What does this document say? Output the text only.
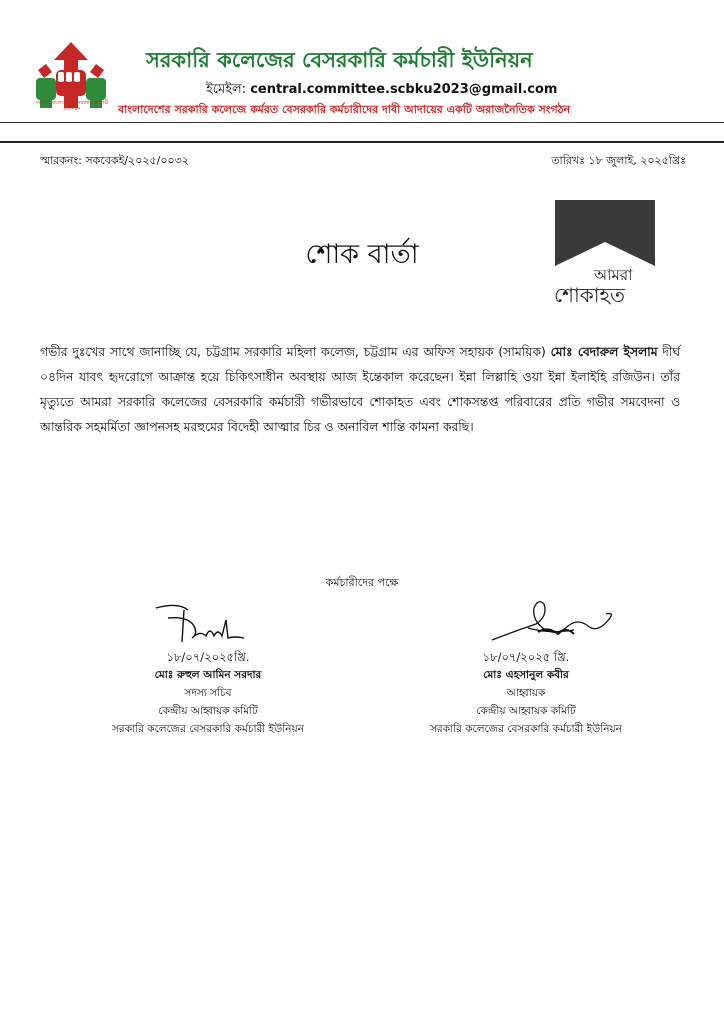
সরকারি কলেজের বেসরকারি কর্মচারী ইউনিয়ন
সরকারি কলেজের বেসরকারি কর্মচারী ইউনিয়ন
ইমেইল: central.committee.scbku2023@gmail.com
বাংলাদেশের সরকারি কলেজে কর্মরত বেসরকারি কর্মচারীদের দাবী আদায়ের একটি অরাজনৈতিক সংগঠন
স্মারকনং: সকবেকই/২০২৫/০০৩২	তারিখঃ ১৮ জুলাই, ২০২৫খ্রিঃ
শোক বার্তা
আমরা
শোকাহত
গভীর দুঃখের সাথে জানাচ্ছি যে, চট্টগ্রাম সরকারি মহিলা কলেজ, চট্টগ্রাম এর অফিস সহায়ক (সাময়িক) মোঃ বেদারুল ইসলাম দীর্ঘ ০৪দিন যাবৎ হৃদরোগে আক্রান্ত হয়ে চিকিৎসাধীন অবস্থায় আজ ইন্তেকাল করেছেন। ইন্না লিল্লাহি ওয়া ইন্না ইলাইহি রজিউন। তাঁর মৃত্যুতে আমরা সরকারি কলেজের বেসরকারি কর্মচারী গভীরভাবে শোকাহত এবং শোকসন্তপ্ত পরিবারের প্রতি গভীর সমবেদনা ও আন্তরিক সহমর্মিতা জ্ঞাপনসহ মরহুমের বিদেহী আত্মার চির ও অনাবিল শান্তি কামনা করছি।
কর্মচারীদের পক্ষে
১৮/০৭/২০২৫খ্রি.
মোঃ রুহুল আমিন সরদার
সদস্য সচিব
কেন্দ্রীয় আহ্বায়ক কমিটি
সরকারি কলেজের বেসরকারি কর্মচারী ইউনিয়ন
১৮/০৭/২০২৫ খ্রি.
মোঃ এহসানুল কবীর
আহ্বায়ক
কেন্দ্রীয় আহ্বায়ক কমিটি
সরকারি কলেজের বেসরকারি কর্মচারী ইউনিয়ন
